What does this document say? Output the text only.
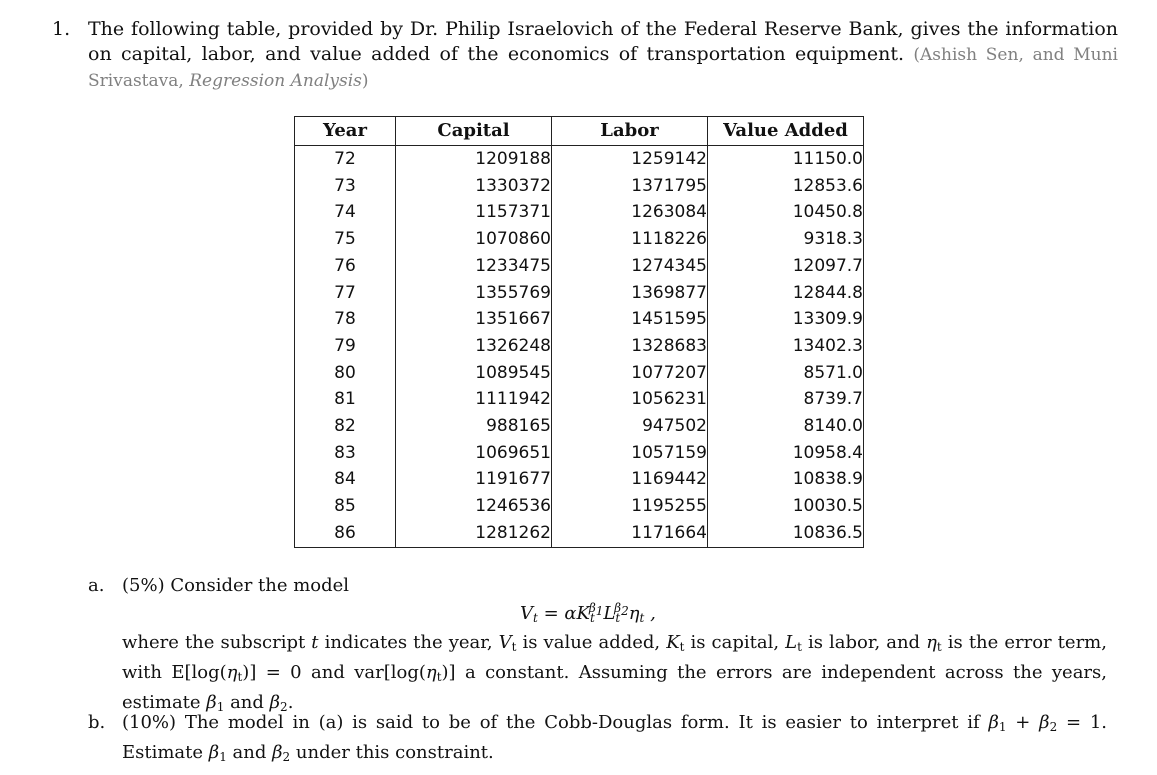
1. The following table, provided by Dr. Philip Israelovich of the Federal Reserve Bank, gives the information on capital, labor, and value added of the economics of transportation equipment. (Ashish Sen, and Muni Srivastava, Regression Analysis)
Year	Capital	Labor	Value Added
72	1209188	1259142	11150.0
73	1330372	1371795	12853.6
74	1157371	1263084	10450.8
75	1070860	1118226	9318.3
76	1233475	1274345	12097.7
77	1355769	1369877	12844.8
78	1351667	1451595	13309.9
79	1326248	1328683	13402.3
80	1089545	1077207	8571.0
81	1111942	1056231	8739.7
82	988165	947502	8140.0
83	1069651	1057159	10958.4
84	1191677	1169442	10838.9
85	1246536	1195255	10030.5
86	1281262	1171664	10836.5
a. (5%) Consider the model
$V_t = \alpha K_t^{\beta_1}L_t^{\beta_2}\eta_t$ ,
where the subscript t indicates the year, $V_t$ is value added, $K_t$ is capital, $L_t$ is labor, and $\eta_t$ is the error term, with $E[\log(\eta_t)] = 0$ and $var[\log(\eta_t)]$ a constant. Assuming the errors are independent across the years, estimate $\beta_1$ and $\beta_2$.
b. (10%) The model in (a) is said to be of the Cobb-Douglas form. It is easier to interpret if $\beta_1 + \beta_2 = 1$. Estimate $\beta_1$ and $\beta_2$ under this constraint.
